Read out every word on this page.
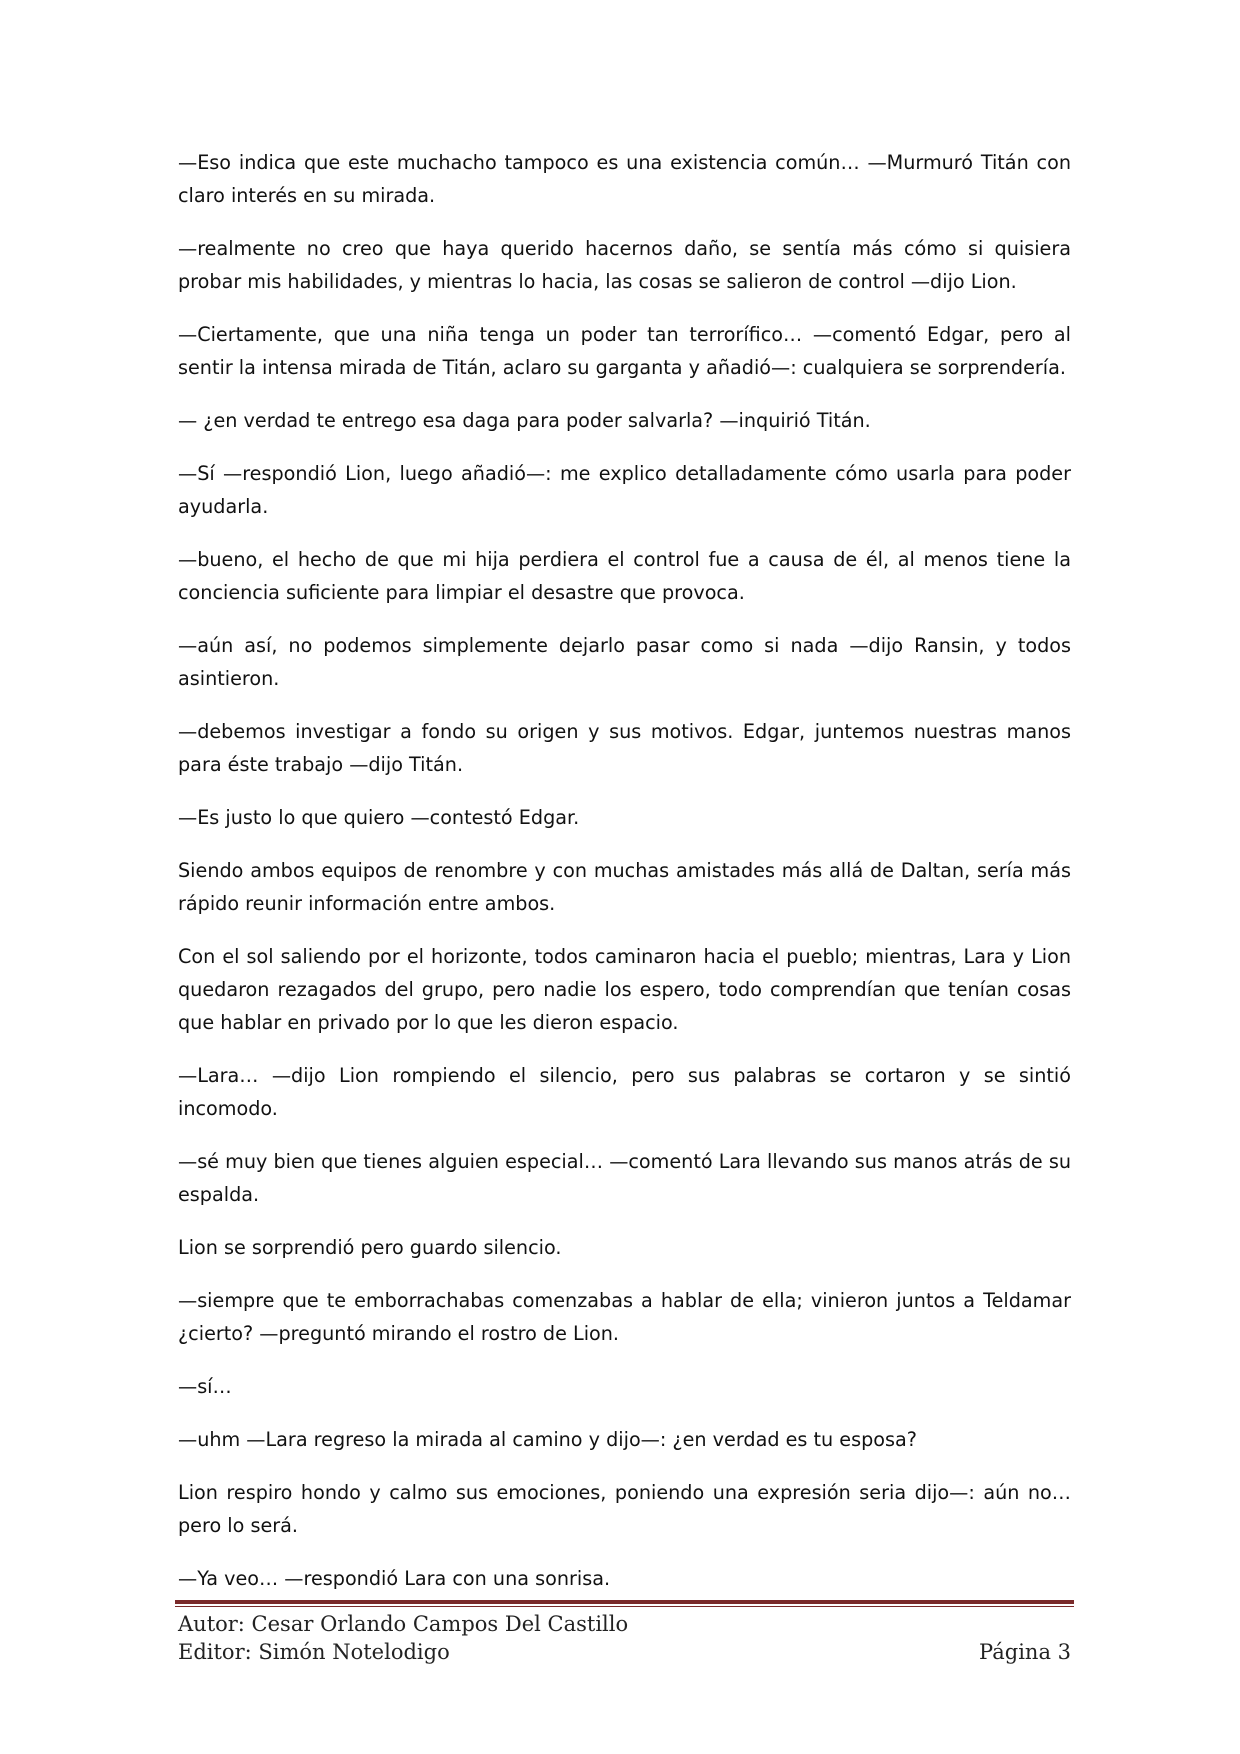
—Eso indica que este muchacho tampoco es una existencia común… —Murmuró Titán con claro interés en su mirada.

—realmente no creo que haya querido hacernos daño, se sentía más cómo si quisiera probar mis habilidades, y mientras lo hacia, las cosas se salieron de control —dijo Lion.

—Ciertamente, que una niña tenga un poder tan terrorífico… —comentó Edgar, pero al sentir la intensa mirada de Titán, aclaro su garganta y añadió—: cualquiera se sorprendería.

— ¿en verdad te entrego esa daga para poder salvarla? —inquirió Titán.

—Sí —respondió Lion, luego añadió—: me explico detalladamente cómo usarla para poder ayudarla.

—bueno, el hecho de que mi hija perdiera el control fue a causa de él, al menos tiene la conciencia suficiente para limpiar el desastre que provoca.

—aún así, no podemos simplemente dejarlo pasar como si nada —dijo Ransin, y todos asintieron.

—debemos investigar a fondo su origen y sus motivos. Edgar, juntemos nuestras manos para éste trabajo —dijo Titán.

—Es justo lo que quiero —contestó Edgar.

Siendo ambos equipos de renombre y con muchas amistades más allá de Daltan, sería más rápido reunir información entre ambos.

Con el sol saliendo por el horizonte, todos caminaron hacia el pueblo; mientras, Lara y Lion quedaron rezagados del grupo, pero nadie los espero, todo comprendían que tenían cosas que hablar en privado por lo que les dieron espacio.

—Lara… —dijo Lion rompiendo el silencio, pero sus palabras se cortaron y se sintió incomodo.

—sé muy bien que tienes alguien especial… —comentó Lara llevando sus manos atrás de su espalda.

Lion se sorprendió pero guardo silencio.

—siempre que te emborrachabas comenzabas a hablar de ella; vinieron juntos a Teldamar ¿cierto? —preguntó mirando el rostro de Lion.

—sí…

—uhm —Lara regreso la mirada al camino y dijo—: ¿en verdad es tu esposa?

Lion respiro hondo y calmo sus emociones, poniendo una expresión seria dijo—: aún no… pero lo será.

—Ya veo… —respondió Lara con una sonrisa.

Autor: Cesar Orlando Campos Del Castillo
Editor: Simón Notelodigo	Página 3
